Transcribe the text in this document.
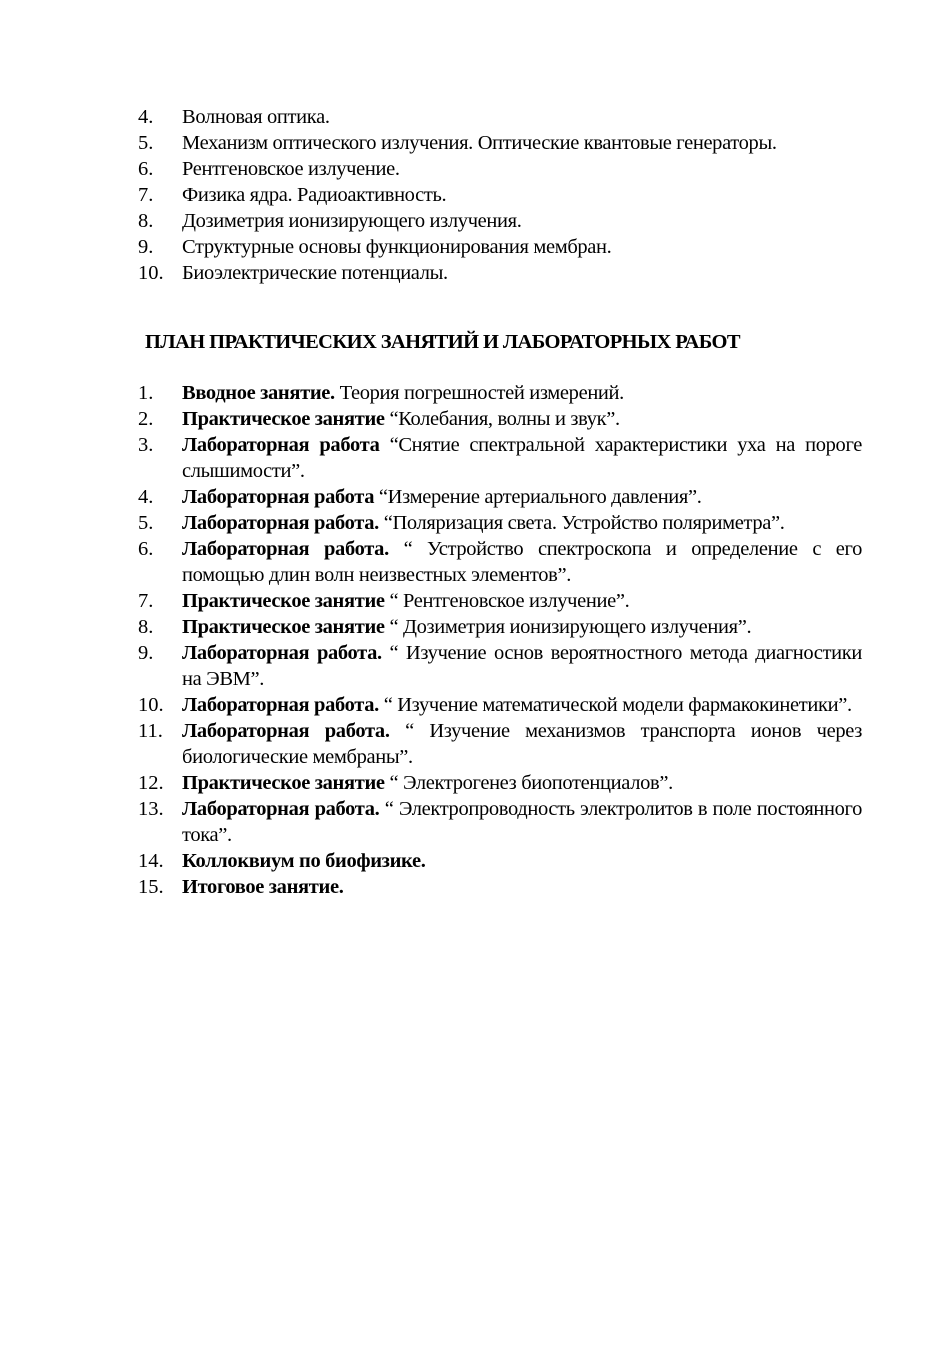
4.	Волновая оптика.
5.	Механизм оптического излучения. Оптические квантовые генераторы.
6.	Рентгеновское излучение.
7.	Физика ядра. Радиоактивность.
8.	Дозиметрия ионизирующего излучения.
9.	Структурные основы функционирования мембран.
10. Биоэлектрические потенциалы.
ПЛАН ПРАКТИЧЕСКИХ ЗАНЯТИЙ И ЛАБОРАТОРНЫХ РАБОТ
1.	Вводное занятие. Теория погрешностей измерений.
2.	Практическое занятие “Колебания, волны и звук”.
3.	Лабораторная работа “Снятие спектральной характеристики уха на пороге слышимости”.
4.	Лабораторная работа “Измерение артериального давления”.
5.	Лабораторная работа. “Поляризация света. Устройство поляриметра”.
6.	Лабораторная работа. “ Устройство спектроскопа и определение с его помощью длин волн неизвестных элементов”.
7.	Практическое занятие “ Рентгеновское излучение”.
8.	Практическое занятие “ Дозиметрия ионизирующего излучения”.
9.	Лабораторная работа. “ Изучение основ вероятностного метода диагностики на ЭВМ”.
10. Лабораторная работа. “ Изучение математической модели фармакокинетики”.
11. Лабораторная работа. “ Изучение механизмов транспорта ионов через биологические мембраны”.
12. Практическое занятие “ Электрогенез биопотенциалов”.
13. Лабораторная работа. “ Электропроводность электролитов в поле постоянного тока”.
14. Коллоквиум по биофизике.
15. Итоговое занятие.
